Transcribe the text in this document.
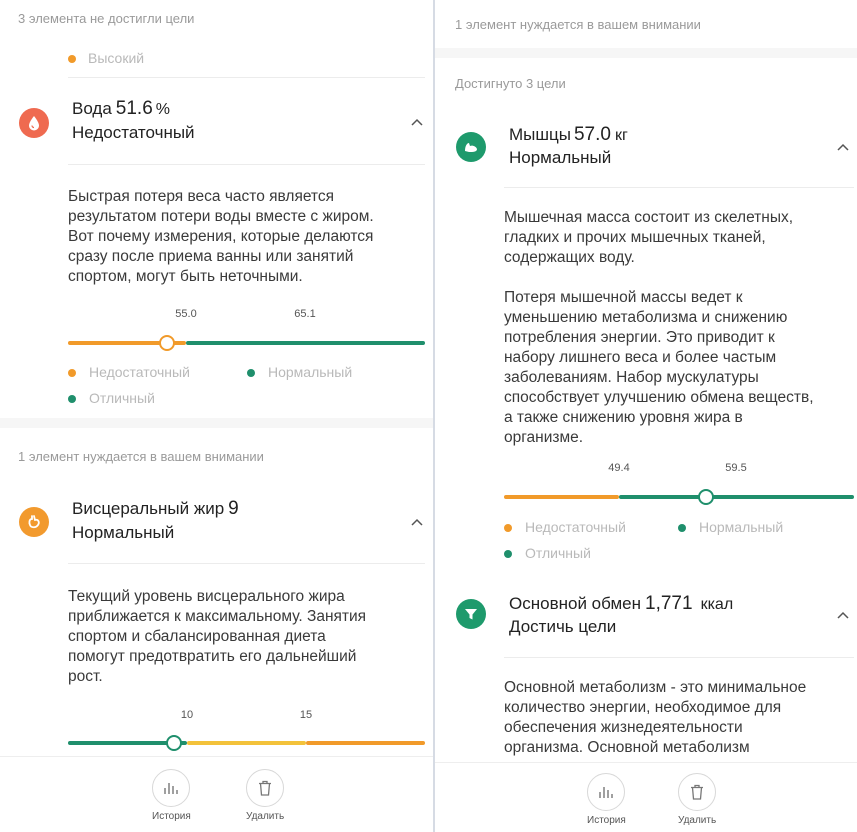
3 элемента не достигли цели
Высокий
Вода 51.6 %
Недостаточный
Быстрая потеря веса часто является
результатом потери воды вместе с жиром.
Вот почему измерения, которые делаются
сразу после приема ванны или занятий
спортом, могут быть неточными.
55.0	65.1
Недостаточный	Нормальный
Отличный
1 элемент нуждается в вашем внимании
Висцеральный жир 9
Нормальный
Текущий уровень висцерального жира
приближается к максимальному. Занятия
спортом и сбалансированная диета
помогут предотвратить его дальнейший
рост.
10	15
История	Удалить
1 элемент нуждается в вашем внимании
Достигнуто 3 цели
Мышцы 57.0 кг
Нормальный
Мышечная масса состоит из скелетных,
гладких и прочих мышечных тканей,
содержащих воду.

Потеря мышечной массы ведет к
уменьшению метаболизма и снижению
потребления энергии. Это приводит к
набору лишнего веса и более частым
заболеваниям. Набор мускулатуры
способствует улучшению обмена веществ,
а также снижению уровня жира в
организме.
49.4	59.5
Недостаточный	Нормальный
Отличный
Основной обмен 1,771 ккал
Достичь цели
Основной метаболизм - это минимальное
количество энергии, необходимое для
обеспечения жизнедеятельности
организма. Основной метаболизм
История	Удалить
